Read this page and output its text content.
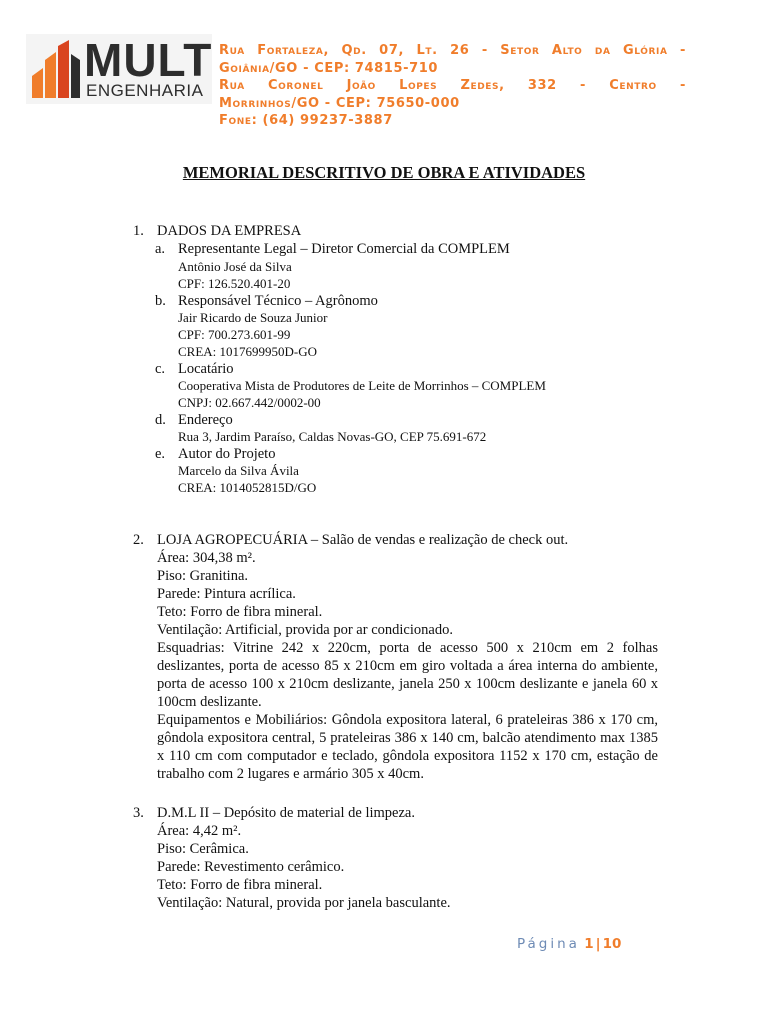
MULT
ENGENHARIA
Rua Fortaleza, Qd. 07, Lt. 26 - Setor Alto da Glória -
Goiânia/GO - CEP: 74815-710
Rua Coronel João Lopes Zedes, 332 - Centro -
Morrinhos/GO - CEP: 75650-000
Fone: (64) 99237-3887
MEMORIAL DESCRITIVO DE OBRA E ATIVIDADES
1. DADOS DA EMPRESA
a. Representante Legal – Diretor Comercial da COMPLEM
Antônio José da Silva
CPF: 126.520.401-20
b. Responsável Técnico – Agrônomo
Jair Ricardo de Souza Junior
CPF: 700.273.601-99
CREA: 1017699950D-GO
c. Locatário
Cooperativa Mista de Produtores de Leite de Morrinhos – COMPLEM
CNPJ: 02.667.442/0002-00
d. Endereço
Rua 3, Jardim Paraíso, Caldas Novas-GO, CEP 75.691-672
e. Autor do Projeto
Marcelo da Silva Ávila
CREA: 1014052815D/GO
2. LOJA AGROPECUÁRIA – Salão de vendas e realização de check out.

Área: 304,38 m².

Piso: Granitina.

Parede: Pintura acrílica.

Teto: Forro de fibra mineral.

Ventilação: Artificial, provida por ar condicionado.

Esquadrias: Vitrine 242 x 220cm, porta de acesso 500 x 210cm em 2 folhas deslizantes, porta de acesso 85 x 210cm em giro voltada a área interna do ambiente, porta de acesso 100 x 210cm deslizante, janela 250 x 100cm deslizante e janela 60 x 100cm deslizante.

Equipamentos e Mobiliários: Gôndola expositora lateral, 6 prateleiras 386 x 170 cm, gôndola expositora central, 5 prateleiras 386 x 140 cm, balcão atendimento max 1385 x 110 cm com computador e teclado, gôndola expositora 1152 x 170 cm, estação de trabalho com 2 lugares e armário 305 x 40cm.

3. D.M.L II – Depósito de material de limpeza.

Área: 4,42 m².

Piso: Cerâmica.

Parede: Revestimento cerâmico.

Teto: Forro de fibra mineral.

Ventilação: Natural, provida por janela basculante.

Página 1 | 10
